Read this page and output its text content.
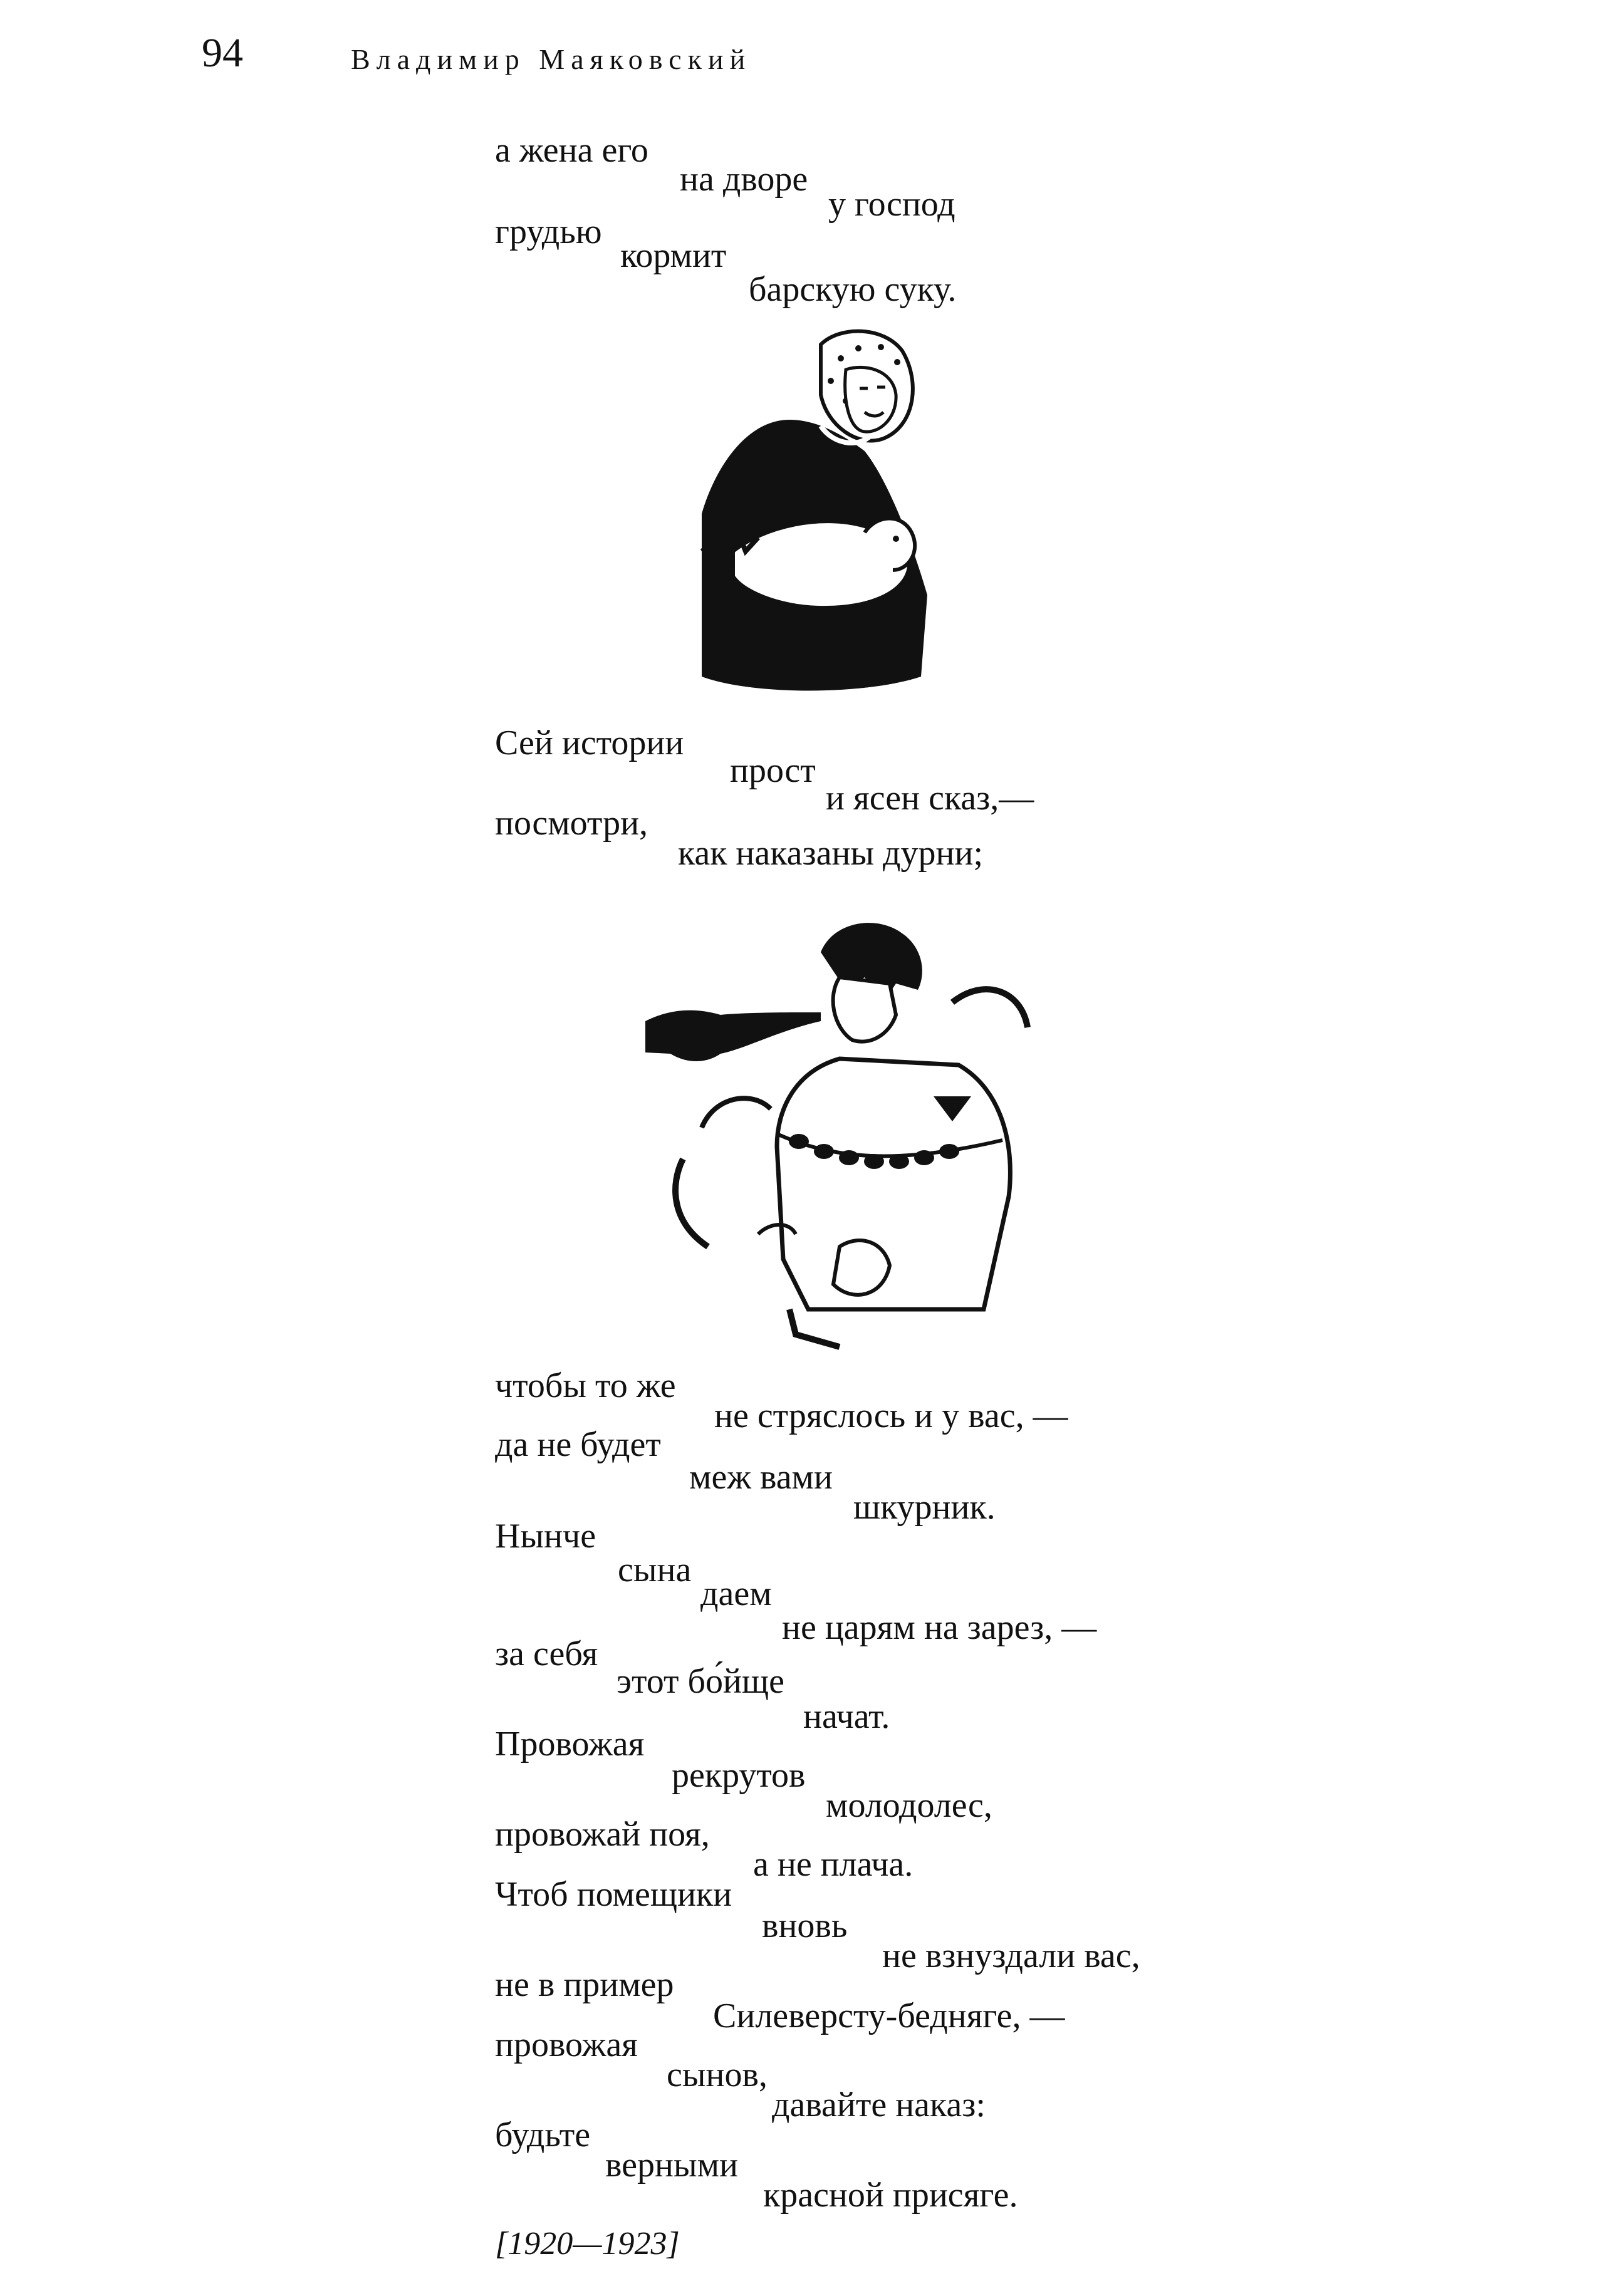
94	Владимир Маяковский
а жена его
на дворе
у господ
грудью
кормит
барскую суку.
Сей истории
прост
и ясен сказ,—
посмотри,
как наказаны дурни;
чтобы то же
не стряслось и у вас, —
да не будет
меж вами
шкурник.
Нынче
сына
даем
не царям на зарез, —
за себя
этот бо́йще
начат.
Провожая
рекрутов
молодолес,
провожай поя,
а не плача.
Чтоб помещики
вновь
не взнуздали вас,
не в пример
Силеверсту-бедняге, —
провожая
сынов,
давайте наказ:
будьте
верными
красной присяге.
[1920—1923]
